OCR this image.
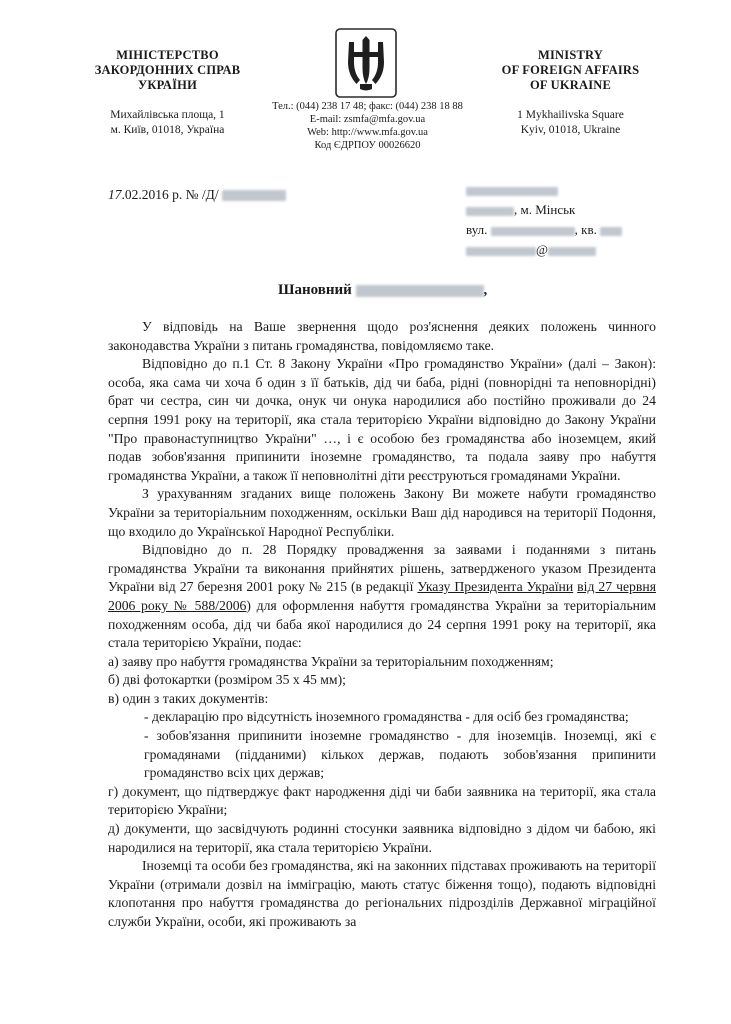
МІНІСТЕРСТВО
ЗАКОРДОННИХ СПРАВ
УКРАЇНИ
MINISTRY
OF FOREIGN AFFAIRS
OF UKRAINE
Михайлівська площа, 1
м. Київ, 01018, Україна
Тел.: (044) 238 17 48; факс: (044) 238 18 88
E-mail: zsmfa@mfa.gov.ua
Web: http://www.mfa.gov.ua
Код ЄДРПОУ 00026620
1 Mykhailivska Square
Kyiv, 01018, Ukraine
17.02.2016 р. № /Д/
, м. Мінськ
вул.	, кв.
@
Шановний	,

У відповідь на Ваше звернення щодо роз'яснення деяких положень чинного законодавства України з питань громадянства, повідомляємо таке.

Відповідно до п.1 Ст. 8 Закону України «Про громадянство України» (далі – Закон): особа, яка сама чи хоча б один з її батьків, дід чи баба, рідні (повнорідні та неповнорідні) брат чи сестра, син чи дочка, онук чи онука народилися або постійно проживали до 24 серпня 1991 року на території, яка стала територією України відповідно до Закону України "Про правонаступництво України" …, і є особою без громадянства або іноземцем, який подав зобов'язання припинити іноземне громадянство, та подала заяву про набуття громадянства України, а також її неповнолітні діти реєструються громадянами України.

З урахуванням згаданих вище положень Закону Ви можете набути громадянство України за територіальним походженням, оскільки Ваш дід народився на території Подоння, що входило до Української Народної Республіки.

Відповідно до п. 28 Порядку провадження за заявами і поданнями з питань громадянства України та виконання прийнятих рішень, затвердженого указом Президента України від 27 березня 2001 року № 215 (в редакції Указу Президента України від 27 червня 2006 року № 588/2006) для оформлення набуття громадянства України за територіальним походженням особа, дід чи баба якої народилися до 24 серпня 1991 року на території, яка стала територією України, подає:

а) заяву про набуття громадянства України за територіальним походженням;

б) дві фотокартки (розміром 35 х 45 мм);

в) один з таких документів:

- декларацію про відсутність іноземного громадянства - для осіб без громадянства;

- зобов'язання припинити іноземне громадянство - для іноземців. Іноземці, які є громадянами (підданими) кількох держав, подають зобов'язання припинити громадянство всіх цих держав;

г) документ, що підтверджує факт народження діді чи баби заявника на території, яка стала територією України;

д) документи, що засвідчують родинні стосунки заявника відповідно з дідом чи бабою, які народилися на території, яка стала територією України.

Іноземці та особи без громадянства, які на законних підставах проживають на території України (отримали дозвіл на імміграцію, мають статус біження тощо), подають відповідні клопотання про набуття громадянства до регіональних підрозділів Державної міграційної служби України, особи, які проживають за
